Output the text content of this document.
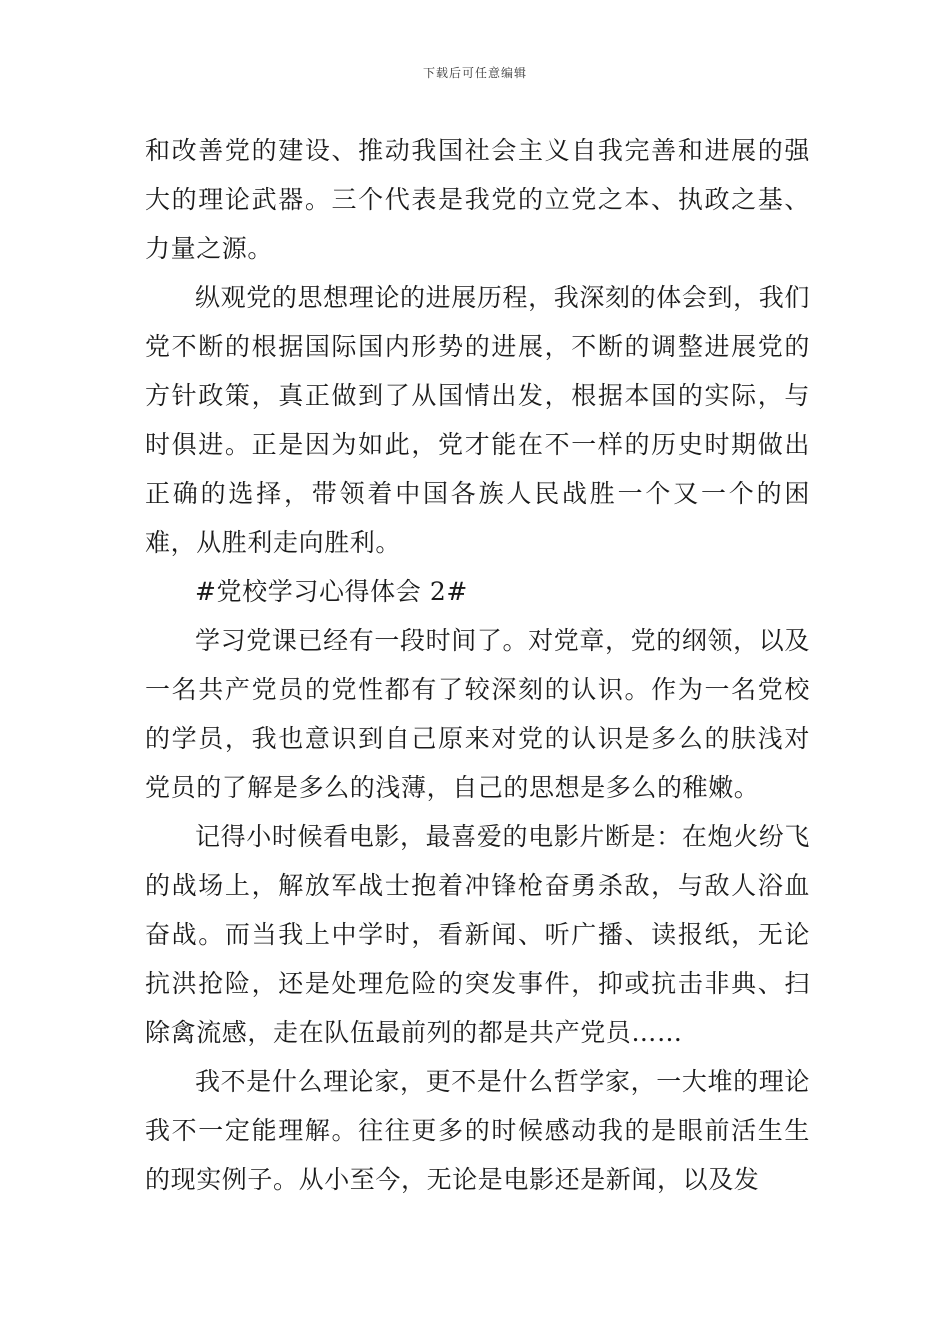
下载后可任意编辑

和改善党的建设、推动我国社会主义自我完善和进展的强大的理论武器。三个代表是我党的立党之本、执政之基、力量之源。

纵观党的思想理论的进展历程，我深刻的体会到，我们党不断的根据国际国内形势的进展，不断的调整进展党的方针政策，真正做到了从国情出发，根据本国的实际，与时俱进。正是因为如此，党才能在不一样的历史时期做出正确的选择，带领着中国各族人民战胜一个又一个的困难，从胜利走向胜利。

#党校学习心得体会 2#

学习党课已经有一段时间了。对党章，党的纲领，以及一名共产党员的党性都有了较深刻的认识。作为一名党校的学员，我也意识到自己原来对党的认识是多么的肤浅对党员的了解是多么的浅薄，自己的思想是多么的稚嫩。

记得小时候看电影，最喜爱的电影片断是：在炮火纷飞的战场上，解放军战士抱着冲锋枪奋勇杀敌，与敌人浴血奋战。而当我上中学时，看新闻、听广播、读报纸，无论抗洪抢险，还是处理危险的突发事件，抑或抗击非典、扫除禽流感，走在队伍最前列的都是共产党员……

我不是什么理论家，更不是什么哲学家，一大堆的理论我不一定能理解。往往更多的时候感动我的是眼前活生生的现实例子。从小至今，无论是电影还是新闻，以及发
